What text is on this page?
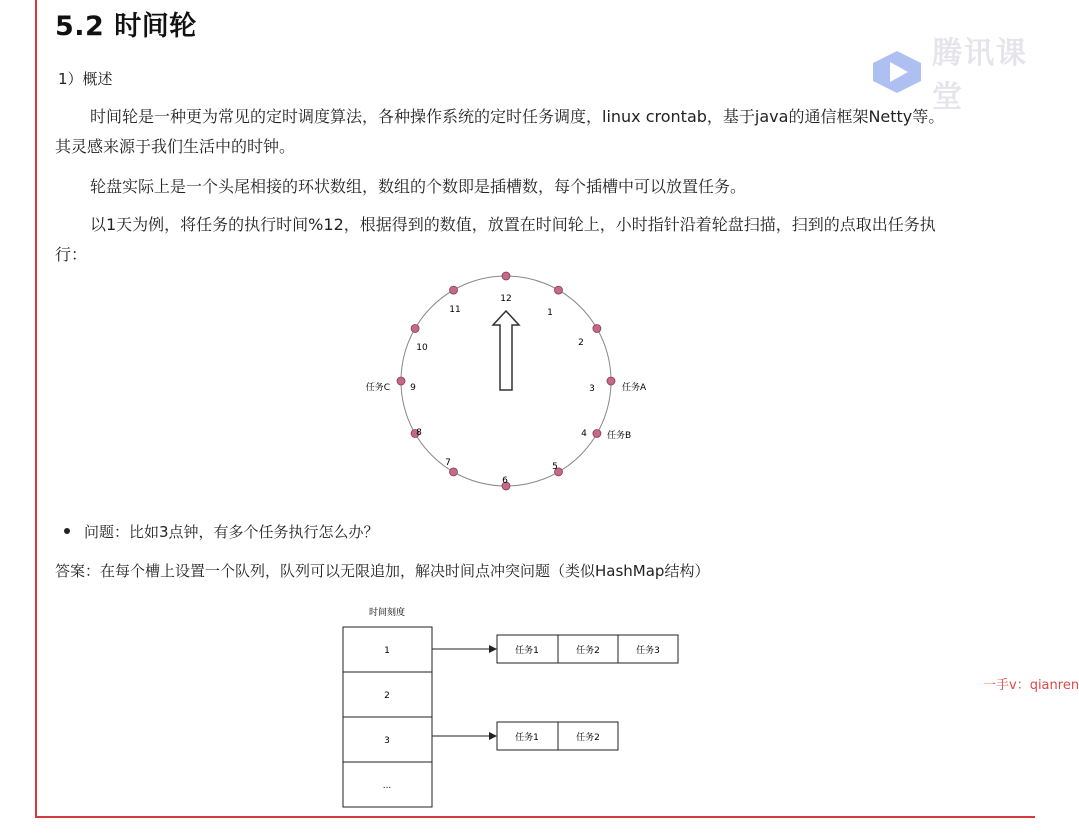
5.2 时间轮
腾讯课堂
1）概述

时间轮是一种更为常见的定时调度算法，各种操作系统的定时任务调度，linux crontab，基于java的通信框架Netty等。其灵感来源于我们生活中的时钟。

轮盘实际上是一个头尾相接的环状数组，数组的个数即是插槽数，每个插槽中可以放置任务。

以1天为例，将任务的执行时间%12，根据得到的数值，放置在时间轮上，小时指针沿着轮盘扫描，扫到的点取出任务执行：

12
1
2
3
4
5
6
7
8
9
10
11
任务A
任务B
任务C
问题：比如3点钟，有多个任务执行怎么办？
答案：在每个槽上设置一个队列，队列可以无限追加，解决时间点冲突问题（类似HashMap结构）
时间刻度
1
2
3
...
任务1	任务2	任务3
任务1	任务2
一手v：qianren
